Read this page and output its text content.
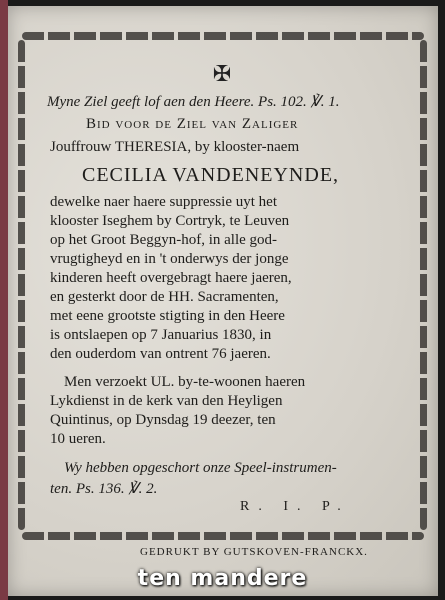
✠
Myne Ziel geeft lof aen den Heere. Ps. 102. ℣. 1.
Bid voor de Ziel van Zaliger
Jouffrouw THERESIA, by klooster-naem
CECILIA VANDENEYNDE,
dewelke naer haere suppressie uyt het
klooster Iseghem by Cortryk, te Leuven
op het Groot Beggyn-hof, in alle god-
vrugtigheyd en in 't onderwys der jonge
kinderen heeft overgebragt haere jaeren,
en gesterkt door de HH. Sacramenten,
met eene grootste stigting in den Heere
is ontslaepen op 7 Januarius 1830, in
den ouderdom van ontrent 76 jaeren.
Men verzoekt UL. by-te-woonen haeren
Lykdienst in de kerk van den Heyligen
Quintinus, op Dynsdag 19 deezer, ten
10 ueren.
Wy hebben opgeschort onze Speel-instrumen-
ten. Ps. 136. ℣. 2.
R. I. P.
GEDRUKT BY GUTSKOVEN-FRANCKX.
ten mandere
